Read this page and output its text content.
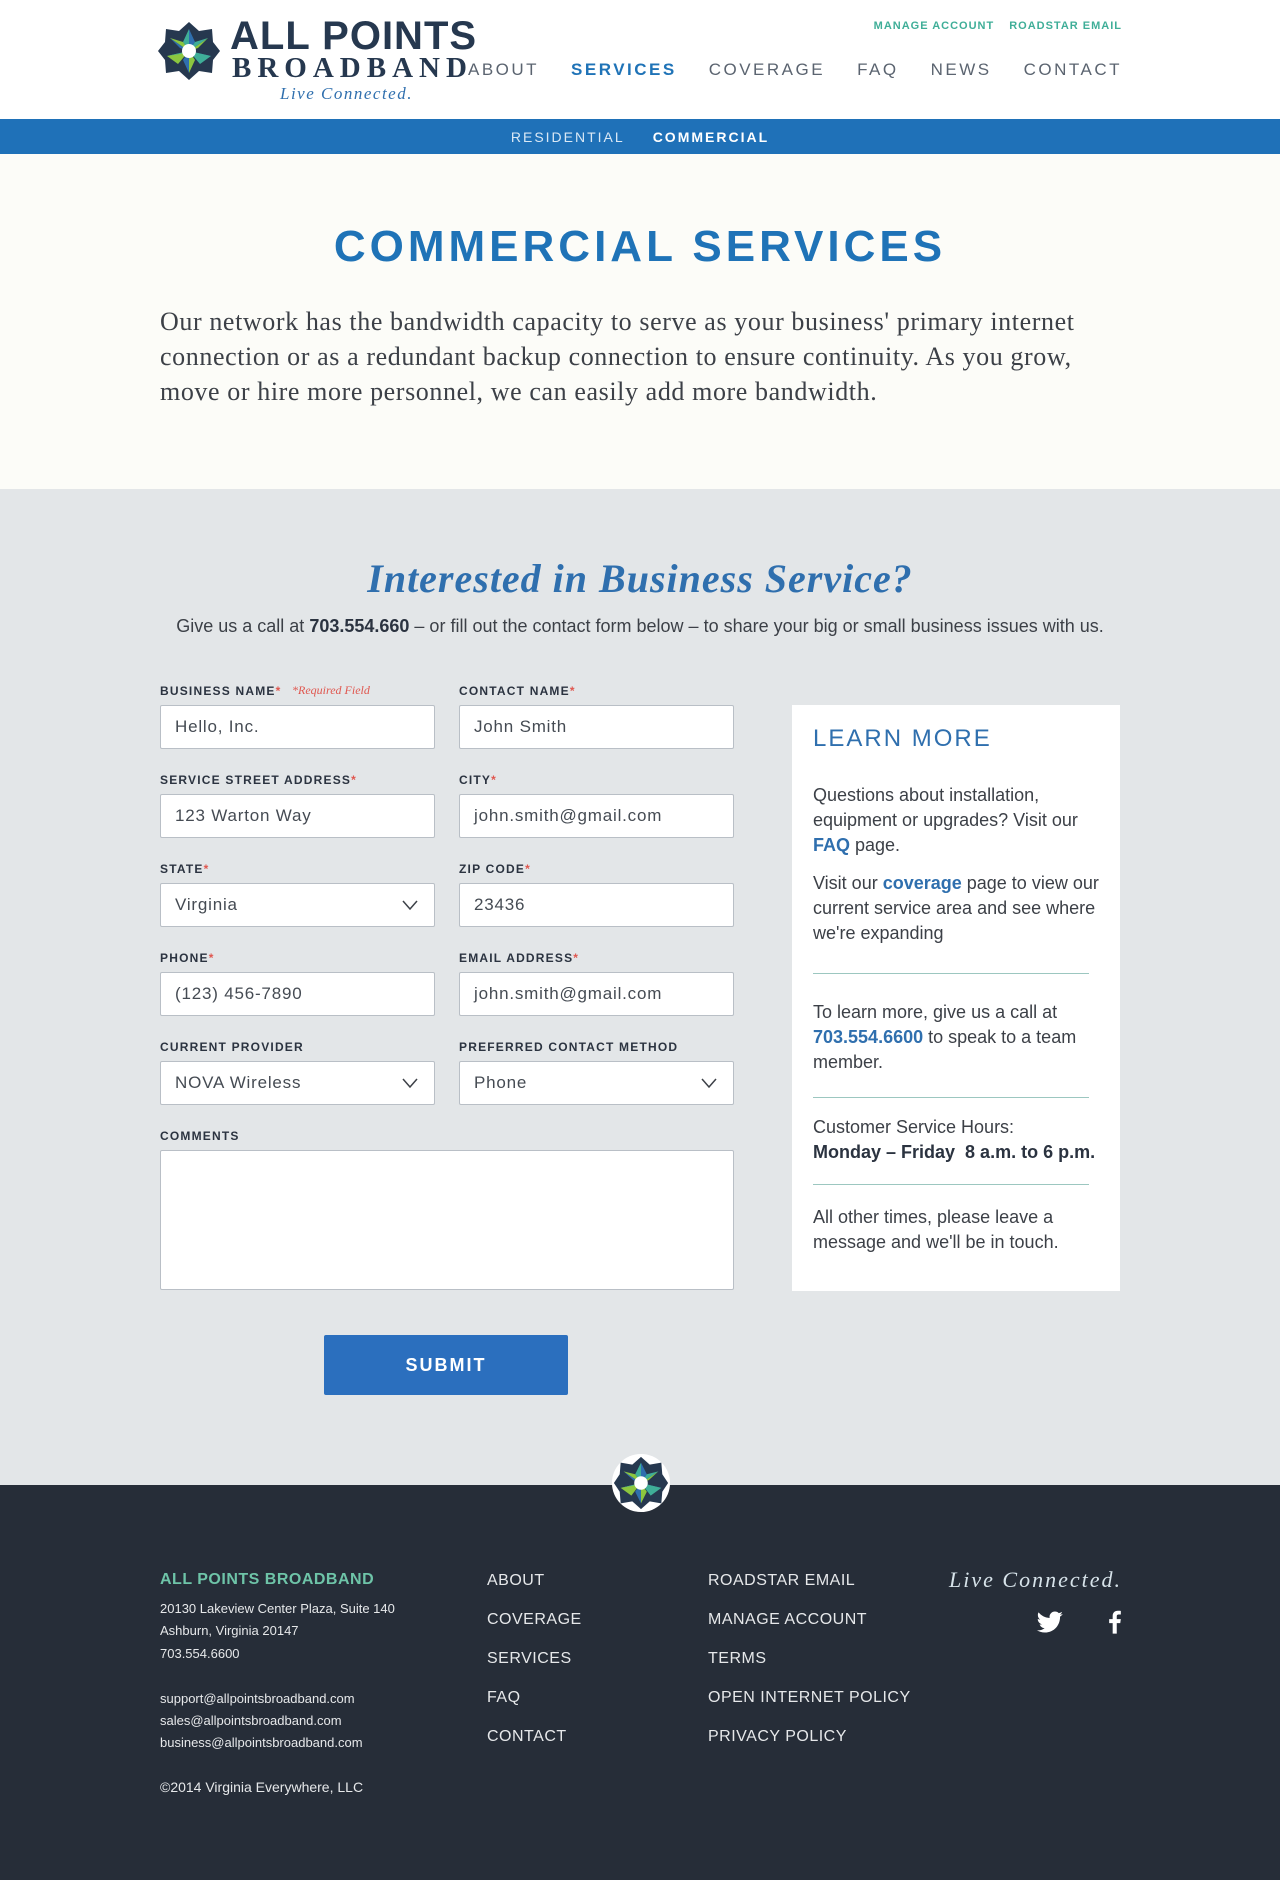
ALL POINTS
BROADBAND
Live Connected.
MANAGE ACCOUNT ROADSTAR EMAIL
ABOUT SERVICES COVERAGE FAQ NEWS CONTACT
RESIDENTIAL COMMERCIAL
COMMERCIAL SERVICES

Our network has the bandwidth capacity to serve as your business' primary internet connection or as a redundant backup connection to ensure continuity. As you grow, move or hire more personnel, we can easily add more bandwidth.

Interested in Business Service?

Give us a call at 703.554.660 – or fill out the contact form below – to share your big or small business issues with us.

BUSINESS NAME* *Required Field
Hello, Inc.
CONTACT NAME*
John Smith
SERVICE STREET ADDRESS*
123 Warton Way
CITY*
john.smith@gmail.com
STATE*
Virginia
ZIP CODE*
23436
PHONE*
(123) 456-7890
EMAIL ADDRESS*
john.smith@gmail.com
CURRENT PROVIDER
NOVA Wireless
PREFERRED CONTACT METHOD
Phone
COMMENTS
SUBMIT
LEARN MORE

Questions about installation, equipment or upgrades? Visit our FAQ page.

Visit our coverage page to view our current service area and see where we're expanding

To learn more, give us a call at 703.554.6600 to speak to a team member.

Customer Service Hours:
Monday – Friday 8 a.m. to 6 p.m.

All other times, please leave a message and we'll be in touch.

ALL POINTS BROADBAND
20130 Lakeview Center Plaza, Suite 140
Ashburn, Virginia 20147
703.554.6600
support@allpointsbroadband.com
sales@allpointsbroadband.com
business@allpointsbroadband.com
©2014 Virginia Everywhere, LLC
ABOUT
COVERAGE
SERVICES
FAQ
CONTACT
ROADSTAR EMAIL
MANAGE ACCOUNT
TERMS
OPEN INTERNET POLICY
PRIVACY POLICY
Live Connected.
